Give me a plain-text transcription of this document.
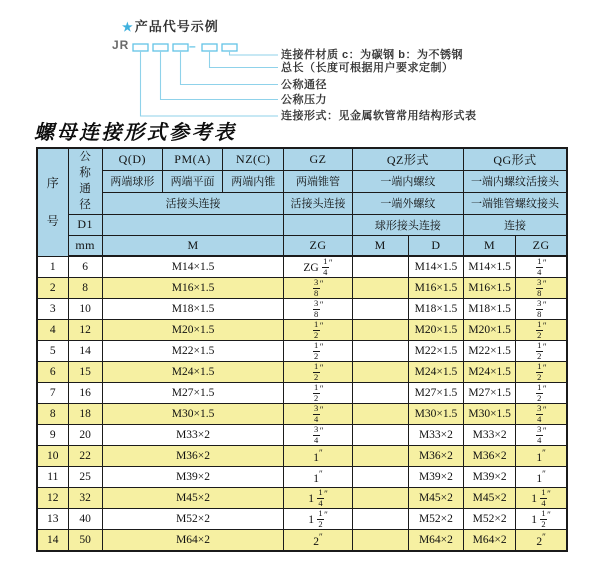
★产品代号示例
JR	–
连接件材质 c：为碳钢 b：为不锈钢
总长（长度可根据用户要求定制）
公称通径
公称压力
连接形式：见金属软管常用结构形式表
螺母连接形式参考表
序号	公称通径	Q(D)	PM(A)	NZ(C)	GZ	QZ形式		QG形式	
		两端球形	两端平面	两端内锥	两端锥管	一端内螺纹		一端内螺纹活接头	
		活接头连接			活接头连接	一端外螺纹		一端锥管螺纹接头	
	D1					球形接头连接		连接	
	mm	M			ZG	M	D	M	ZG
1	6	M14×1.5			ZG $\frac{1}{4} ''$		M14×1.5	M14×1.5	$\frac{1}{4} ''$
2	8	M16×1.5			$\frac{3}{8} ''$		M16×1.5	M16×1.5	$\frac{3}{8} ''$
3	10	M18×1.5			$\frac{3}{8} ''$		M18×1.5	M18×1.5	$\frac{3}{8} ''$
4	12	M20×1.5			$\frac{1}{2} ''$		M20×1.5	M20×1.5	$\frac{1}{2} ''$
5	14	M22×1.5			$\frac{1}{2} ''$		M22×1.5	M22×1.5	$\frac{1}{2} ''$
6	15	M24×1.5			$\frac{1}{2} ''$		M24×1.5	M24×1.5	$\frac{1}{2} ''$
7	16	M27×1.5			$\frac{1}{2} ''$		M27×1.5	M27×1.5	$\frac{1}{2} ''$
8	18	M30×1.5			$\frac{3}{4} ''$		M30×1.5	M30×1.5	$\frac{3}{4} ''$
9	20	M33×2			$\frac{3}{4} ''$		M33×2	M33×2	$\frac{3}{4} ''$
10	22	M36×2			1″		M36×2	M36×2	1″
11	25	M39×2			1″		M39×2	M39×2	1″
12	32	M45×2			$1 \frac{1}{4} ''$		M45×2	M45×2	$1 \frac{1}{4} ''$
13	40	M52×2			$1 \frac{1}{2} ''$		M52×2	M52×2	$1 \frac{1}{2} ''$
14	50	M64×2			2″		M64×2	M64×2	2″
